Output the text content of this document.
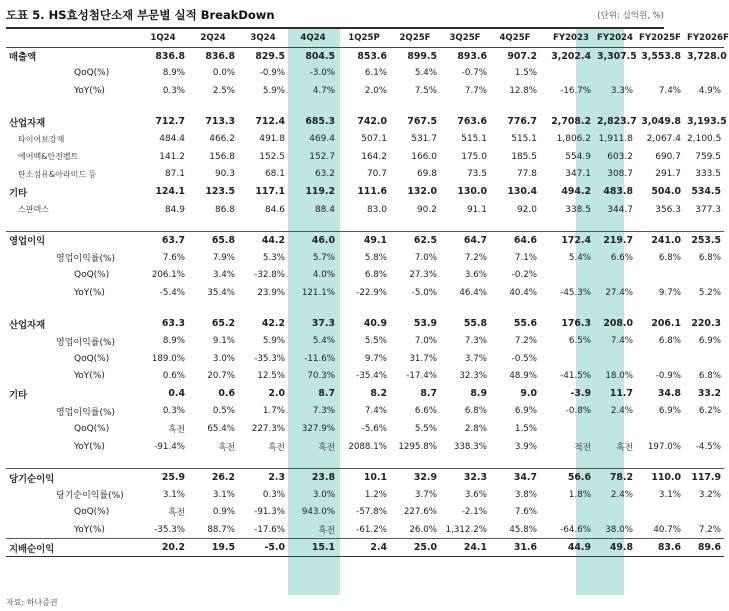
도표 5. HS효성첨단소재 부문별 실적 BreakDown	(단위: 십억원, %)
	1Q24	2Q24	3Q24	4Q24	1Q25P	2Q25F	3Q25F	4Q25F		FY2023	FY2024	FY2025F	FY2026F
매출액	836.8	836.8	829.5	804.5	853.6	899.5	893.6	907.2		3,202.4	3,307.5	3,553.8	3,728.0
QoQ(%)	8.9%	0.0%	-0.9%	-3.0%	6.1%	5.4%	-0.7%	1.5%					
YoY(%)	0.3%	2.5%	5.9%	4.7%	2.0%	7.5%	7.7%	12.8%		-16.7%	3.3%	7.4%	4.9%

산업자재	712.7	713.3	712.4	685.3	742.0	767.5	763.6	776.7		2,708.2	2,823.7	3,049.8	3,193.5
타이어보강재	484.4	466.2	491.8	469.4	507.1	531.7	515.1	515.1		1,806.2	1,911.8	2,067.4	2,100.5
에어백&안전벨트	141.2	156.8	152.5	152.7	164.2	166.0	175.0	185.5		554.9	603.2	690.7	759.5
탄소섬유&아라미드 등	87.1	90.3	68.1	63.2	70.7	69.8	73.5	77.8		347.1	308.7	291.7	333.5
기타	124.1	123.5	117.1	119.2	111.6	132.0	130.0	130.4		494.2	483.8	504.0	534.5
스판덱스	84.9	86.8	84.6	88.4	83.0	90.2	91.1	92.0		338.5	344.7	356.3	377.3

영업이익	63.7	65.8	44.2	46.0	49.1	62.5	64.7	64.6		172.4	219.7	241.0	253.5
영업이익률(%)	7.6%	7.9%	5.3%	5.7%	5.8%	7.0%	7.2%	7.1%		5.4%	6.6%	6.8%	6.8%
QoQ(%)	206.1%	3.4%	-32.8%	4.0%	6.8%	27.3%	3.6%	-0.2%					
YoY(%)	-5.4%	35.4%	23.9%	121.1%	-22.9%	-5.0%	46.4%	40.4%		-45.3%	27.4%	9.7%	5.2%

산업자재	63.3	65.2	42.2	37.3	40.9	53.9	55.8	55.6		176.3	208.0	206.1	220.3
영업이익률(%)	8.9%	9.1%	5.9%	5.4%	5.5%	7.0%	7.3%	7.2%		6.5%	7.4%	6.8%	6.9%
QoQ(%)	189.0%	3.0%	-35.3%	-11.6%	9.7%	31.7%	3.7%	-0.5%					
YoY(%)	0.6%	20.7%	12.5%	70.3%	-35.4%	-17.4%	32.3%	48.9%		-41.5%	18.0%	-0.9%	6.8%
기타	0.4	0.6	2.0	8.7	8.2	8.7	8.9	9.0		-3.9	11.7	34.8	33.2
영업이익률(%)	0.3%	0.5%	1.7%	7.3%	7.4%	6.6%	6.8%	6.9%		-0.8%	2.4%	6.9%	6.2%
QoQ(%)	흑전	65.4%	227.3%	327.9%	-5.6%	5.5%	2.8%	1.5%					
YoY(%)	-91.4%	흑전	흑전	흑전	2088.1%	1295.8%	338.3%	3.9%		적전	흑전	197.0%	-4.5%

당기순이익	25.9	26.2	2.3	23.8	10.1	32.9	32.3	34.7		56.6	78.2	110.0	117.9
당기순이익률(%)	3.1%	3.1%	0.3%	3.0%	1.2%	3.7%	3.6%	3.8%		1.8%	2.4%	3.1%	3.2%
QoQ(%)	흑전	0.9%	-91.3%	943.0%	-57.8%	227.6%	-2.1%	7.6%					
YoY(%)	-35.3%	88.7%	-17.6%	흑전	-61.2%	26.0%	1,312.2%	45.8%		-64.6%	38.0%	40.7%	7.2%
지배순이익	20.2	19.5	-5.0	15.1	2.4	25.0	24.1	31.6		44.9	49.8	83.6	89.6
자료: 하나증권
